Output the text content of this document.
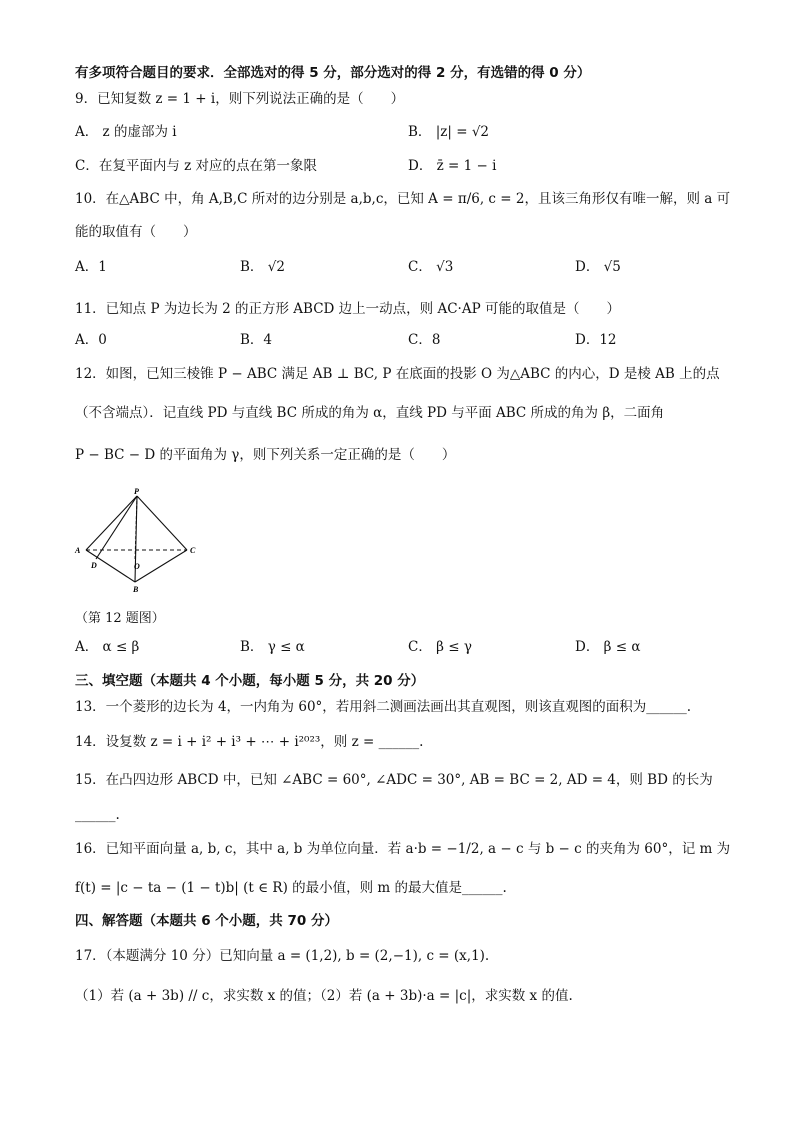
有多项符合题目的要求．全部选对的得 5 分，部分选对的得 2 分，有选错的得 0 分）
9．已知复数 z = 1 + i，则下列说法正确的是（　　）
A． z 的虚部为 i	B． |z| = √2
C．在复平面内与 z 对应的点在第一象限	D． z̄ = 1 − i
10．在△ABC 中，角 A,B,C 所对的边分别是 a,b,c，已知 A = π/6, c = 2，且该三角形仅有唯一解，则 a 可
能的取值有（　　）
A．1	B． √2	C． √3	D． √5
11．已知点 P 为边长为 2 的正方形 ABCD 边上一动点，则 AC·AP 可能的取值是（　　）
A．0	B．4	C．8	D．12
12．如图，已知三棱锥 P − ABC 满足 AB ⊥ BC, P 在底面的投影 O 为△ABC 的内心，D 是棱 AB 上的点
（不含端点）．记直线 PD 与直线 BC 所成的角为 α，直线 PD 与平面 ABC 所成的角为 β，二面角
P − BC − D 的平面角为 γ，则下列关系一定正确的是（　　）
P
A	C
D	O
B
（第 12 题图）
A． α ≤ β	B． γ ≤ α	C． β ≤ γ	D． β ≤ α
三、填空题（本题共 4 个小题，每小题 5 分，共 20 分）
13．一个菱形的边长为 4，一内角为 60°，若用斜二测画法画出其直观图，则该直观图的面积为______.
14．设复数 z = i + i² + i³ + ⋯ + i²⁰²³，则 z = ______.
15．在凸四边形 ABCD 中，已知 ∠ABC = 60°, ∠ADC = 30°, AB = BC = 2, AD = 4，则 BD 的长为
______.
16．已知平面向量 a, b, c，其中 a, b 为单位向量．若 a·b = −1/2, a − c 与 b − c 的夹角为 60°，记 m 为
f(t) = |c − ta − (1 − t)b| (t ∈ R) 的最小值，则 m 的最大值是______.
四、解答题（本题共 6 个小题，共 70 分）
17．（本题满分 10 分）已知向量 a = (1,2), b = (2,−1), c = (x,1).
（1）若 (a + 3b) // c，求实数 x 的值；（2）若 (a + 3b)·a = |c|，求实数 x 的值.
